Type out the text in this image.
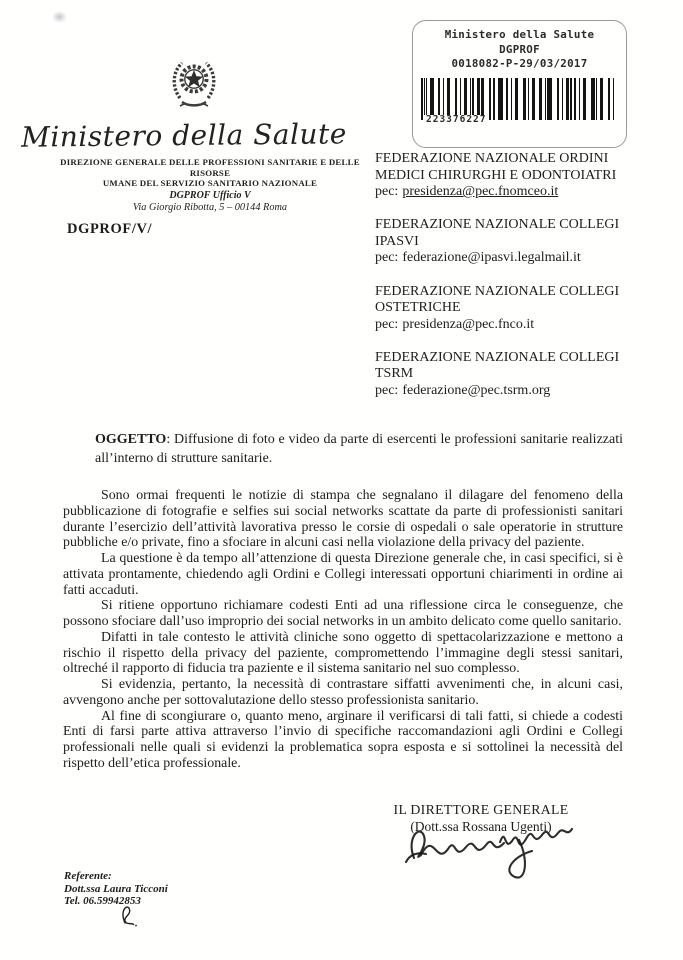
Ministero della Salute
DIREZIONE GENERALE DELLE PROFESSIONI SANITARIE E DELLE RISORSE
UMANE DEL SERVIZIO SANITARIO NAZIONALE
DGPROF Ufficio V
Via Giorgio Ribotta, 5 – 00144 Roma
DGPROF/V/
Ministero della Salute
DGPROF
0018082-P-29/03/2017
223376227
FEDERAZIONE NAZIONALE ORDINI
MEDICI CHIRURGHI E ODONTOIATRI
pec: presidenza@pec.fnomceo.it
FEDERAZIONE NAZIONALE COLLEGI
IPASVI
pec: federazione@ipasvi.legalmail.it
FEDERAZIONE NAZIONALE COLLEGI
OSTETRICHE
pec: presidenza@pec.fnco.it
FEDERAZIONE NAZIONALE COLLEGI
TSRM
pec: federazione@pec.tsrm.org
OGGETTO: Diffusione di foto e video da parte di esercenti le professioni sanitarie realizzati all’interno di strutture sanitarie.

Sono ormai frequenti le notizie di stampa che segnalano il dilagare del fenomeno della pubblicazione di fotografie e selfies sui social networks scattate da parte di professionisti sanitari durante l’esercizio dell’attività lavorativa presso le corsie di ospedali o sale operatorie in strutture pubbliche e/o private, fino a sfociare in alcuni casi nella violazione della privacy del paziente.

La questione è da tempo all’attenzione di questa Direzione generale che, in casi specifici, si è attivata prontamente, chiedendo agli Ordini e Collegi interessati opportuni chiarimenti in ordine ai fatti accaduti.

Si ritiene opportuno richiamare codesti Enti ad una riflessione circa le conseguenze, che possono sfociare dall’uso improprio dei social networks in un ambito delicato come quello sanitario.

Difatti in tale contesto le attività cliniche sono oggetto di spettacolarizzazione e mettono a rischio il rispetto della privacy del paziente, compromettendo l’immagine degli stessi sanitari, oltreché il rapporto di fiducia tra paziente e il sistema sanitario nel suo complesso.

Si evidenzia, pertanto, la necessità di contrastare siffatti avvenimenti che, in alcuni casi, avvengono anche per sottovalutazione dello stesso professionista sanitario.

Al fine di scongiurare o, quanto meno, arginare il verificarsi di tali fatti, si chiede a codesti Enti di farsi parte attiva attraverso l’invio di specifiche raccomandazioni agli Ordini e Collegi professionali nelle quali si evidenzi la problematica sopra esposta e si sottolinei la necessità del rispetto dell’etica professionale.

IL DIRETTORE GENERALE
(Dott.ssa Rossana Ugenti)
Referente:
Dott.ssa Laura Ticconi
Tel. 06.59942853
